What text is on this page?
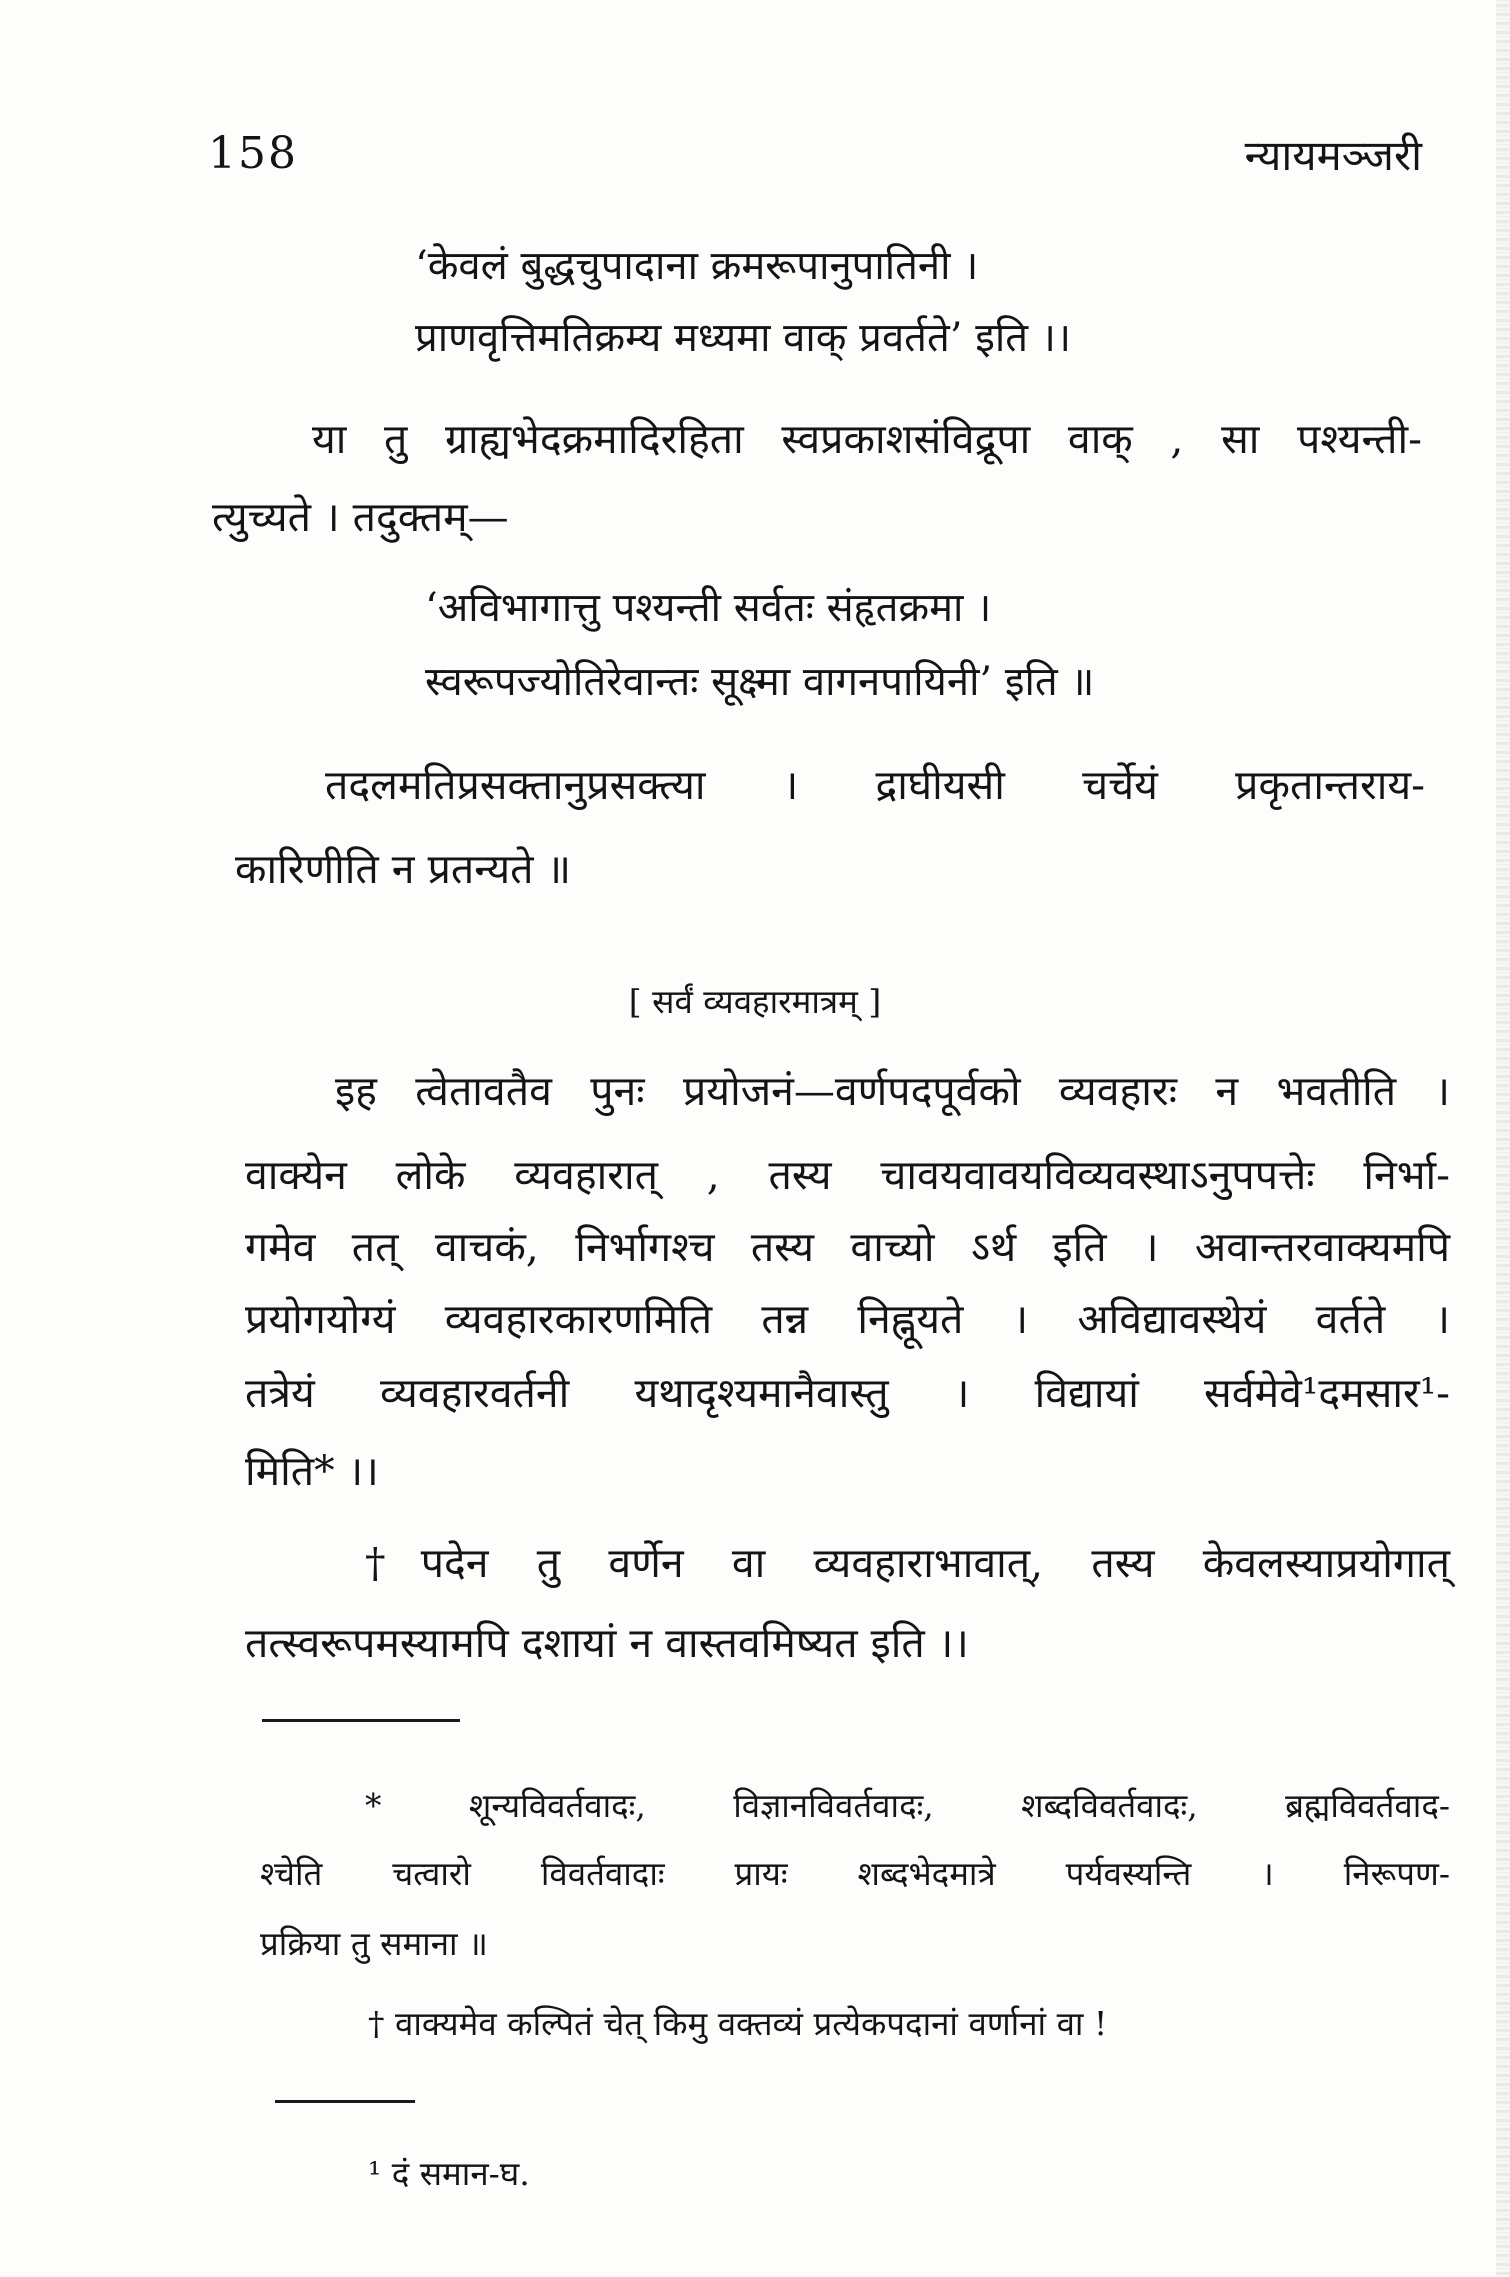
158	न्यायमञ्जरी
‘केवलं बुद्धचुपादाना क्रमरूपानुपातिनी ।
प्राणवृत्तिमतिक्रम्य मध्यमा वाक् प्रवर्तते’ इति ।।
या तु ग्राह्यभेदक्रमादिरहिता स्वप्रकाशसंविद्रूपा वाक् , सा पश्यन्ती-
त्युच्यते । तदुक्तम्—
‘अविभागात्तु पश्यन्ती सर्वतः संहृतक्रमा ।
स्वरूपज्योतिरेवान्तः सूक्ष्मा वागनपायिनी’ इति ॥
तदलमतिप्रसक्तानुप्रसक्त्या । द्राघीयसी चर्चेयं प्रकृतान्तराय-
कारिणीति न प्रतन्यते ॥
[ सर्वं व्यवहारमात्रम् ]
इह त्वेतावतैव पुनः प्रयोजनं—वर्णपदपूर्वको व्यवहारः न भवतीति ।
वाक्येन लोके व्यवहारात् , तस्य चावयवावयविव्यवस्थाऽनुपपत्तेः निर्भा-
गमेव तत् वाचकं, निर्भागश्च तस्य वाच्यो ऽर्थ इति । अवान्तरवाक्यमपि
प्रयोगयोग्यं व्यवहारकारणमिति तन्न निह्नूयते । अविद्यावस्थेयं वर्तते ।
तत्रेयं व्यवहारवर्तनी यथादृश्यमानैवास्तु । विद्यायां सर्वमेवे¹दमसार¹-
मिति* ।।
†पदेन तु वर्णेन वा व्यवहाराभावात्, तस्य केवलस्याप्रयोगात्
तत्स्वरूपमस्यामपि दशायां न वास्तवमिष्यत इति ।।
* शून्यविवर्तवादः, विज्ञानविवर्तवादः, शब्दविवर्तवादः, ब्रह्मविवर्तवाद-
श्चेति चत्वारो विवर्तवादाः प्रायः शब्दभेदमात्रे पर्यवस्यन्ति । निरूपण-
प्रक्रिया तु समाना ॥
† वाक्यमेव कल्पितं चेत् किमु वक्तव्यं प्रत्येकपदानां वर्णानां वा !
¹ दं समान-घ.
